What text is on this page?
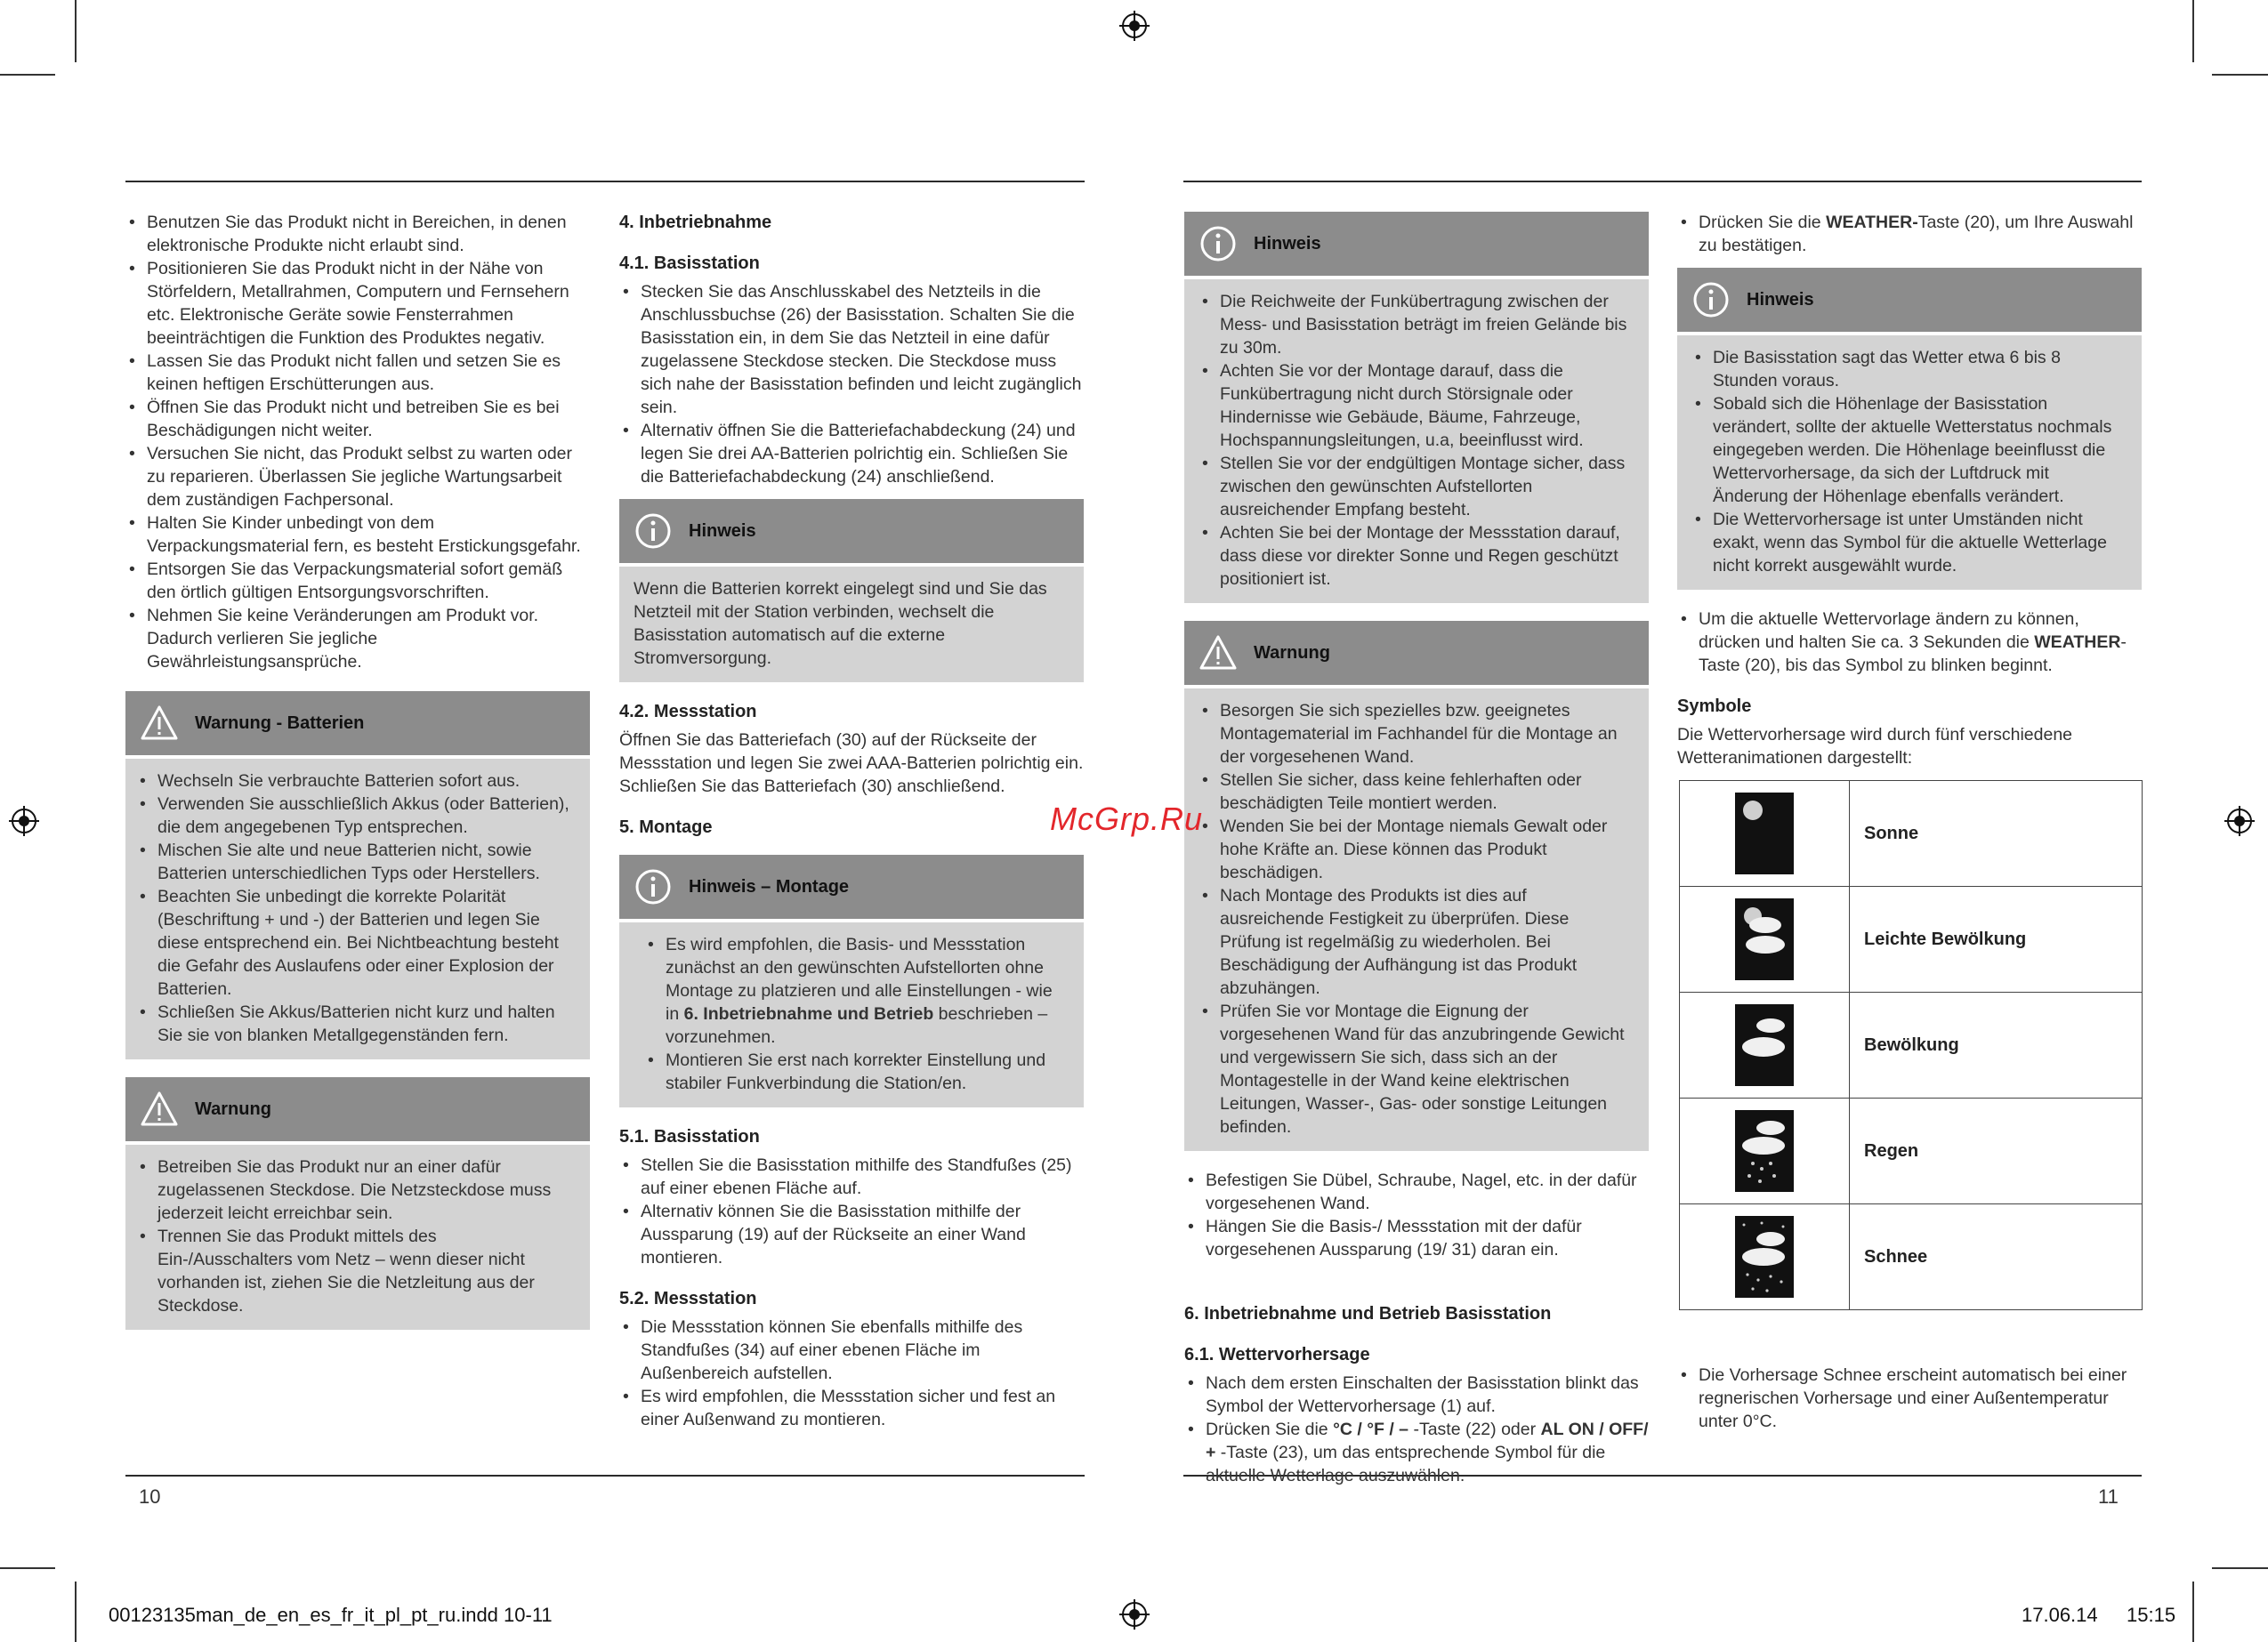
• Benutzen Sie das Produkt nicht in Bereichen, in denen elektronische Produkte nicht erlaubt sind.
• Positionieren Sie das Produkt nicht in der Nähe von Störfeldern, Metallrahmen, Computern und Fernsehern etc. Elektronische Geräte sowie Fensterrahmen beeinträchtigen die Funktion des Produktes negativ.
• Lassen Sie das Produkt nicht fallen und setzen Sie es keinen heftigen Erschütterungen aus.
• Öffnen Sie das Produkt nicht und betreiben Sie es bei Beschädigungen nicht weiter.
• Versuchen Sie nicht, das Produkt selbst zu warten oder zu reparieren. Überlassen Sie jegliche Wartungsarbeit dem zuständigen Fachpersonal.
• Halten Sie Kinder unbedingt von dem Verpackungsmaterial fern, es besteht Erstickungsgefahr.
• Entsorgen Sie das Verpackungsmaterial sofort gemäß den örtlich gültigen Entsorgungsvorschriften.
• Nehmen Sie keine Veränderungen am Produkt vor. Dadurch verlieren Sie jegliche Gewährleistungsansprüche.
Warnung - Batterien
• Wechseln Sie verbrauchte Batterien sofort aus.
• Verwenden Sie ausschließlich Akkus (oder Batterien), die dem angegebenen Typ entsprechen.
• Mischen Sie alte und neue Batterien nicht, sowie Batterien unterschiedlichen Typs oder Herstellers.
• Beachten Sie unbedingt die korrekte Polarität (Beschriftung + und -) der Batterien und legen Sie diese entsprechend ein. Bei Nichtbeachtung besteht die Gefahr des Auslaufens oder einer Explosion der Batterien.
• Schließen Sie Akkus/Batterien nicht kurz und halten Sie sie von blanken Metallgegenständen fern.
Warnung
• Betreiben Sie das Produkt nur an einer dafür zugelassenen Steckdose. Die Netzsteckdose muss jederzeit leicht erreichbar sein.
• Trennen Sie das Produkt mittels des Ein-/Ausschalters vom Netz – wenn dieser nicht vorhanden ist, ziehen Sie die Netzleitung aus der Steckdose.
4. Inbetriebnahme
4.1. Basisstation
• Stecken Sie das Anschlusskabel des Netzteils in die Anschlussbuchse (26) der Basisstation. Schalten Sie die Basisstation ein, in dem Sie das Netzteil in eine dafür zugelassene Steckdose stecken. Die Steckdose muss sich nahe der Basisstation befinden und leicht zugänglich sein.
• Alternativ öffnen Sie die Batteriefachabdeckung (24) und legen Sie drei AA-Batterien polrichtig ein. Schließen Sie die Batteriefachabdeckung (24) anschließend.
Hinweis

Wenn die Batterien korrekt eingelegt sind und Sie das Netzteil mit der Station verbinden, wechselt die Basisstation automatisch auf die externe Stromversorgung.

4.2. Messstation

Öffnen Sie das Batteriefach (30) auf der Rückseite der Messstation und legen Sie zwei AAA-Batterien polrichtig ein. Schließen Sie das Batteriefach (30) anschließend.

5. Montage
Hinweis – Montage
• Es wird empfohlen, die Basis- und Messstation zunächst an den gewünschten Aufstellorten ohne Montage zu platzieren und alle Einstellungen - wie in 6. Inbetriebnahme und Betrieb beschrieben – vorzunehmen.
• Montieren Sie erst nach korrekter Einstellung und stabiler Funkverbindung die Station/en.
5.1. Basisstation
• Stellen Sie die Basisstation mithilfe des Standfußes (25) auf einer ebenen Fläche auf.
• Alternativ können Sie die Basisstation mithilfe der Aussparung (19) auf der Rückseite an einer Wand montieren.
5.2. Messstation
• Die Messstation können Sie ebenfalls mithilfe des Standfußes (34) auf einer ebenen Fläche im Außenbereich aufstellen.
• Es wird empfohlen, die Messstation sicher und fest an einer Außenwand zu montieren.
Hinweis
• Die Reichweite der Funkübertragung zwischen der Mess- und Basisstation beträgt im freien Gelände bis zu 30m.
• Achten Sie vor der Montage darauf, dass die Funkübertragung nicht durch Störsignale oder Hindernisse wie Gebäude, Bäume, Fahrzeuge, Hochspannungsleitungen, u.a, beeinflusst wird.
• Stellen Sie vor der endgültigen Montage sicher, dass zwischen den gewünschten Aufstellorten ausreichender Empfang besteht.
• Achten Sie bei der Montage der Messstation darauf, dass diese vor direkter Sonne und Regen geschützt positioniert ist.
Warnung
• Besorgen Sie sich spezielles bzw. geeignetes Montagematerial im Fachhandel für die Montage an der vorgesehenen Wand.
• Stellen Sie sicher, dass keine fehlerhaften oder beschädigten Teile montiert werden.
• Wenden Sie bei der Montage niemals Gewalt oder hohe Kräfte an. Diese können das Produkt beschädigen.
• Nach Montage des Produkts ist dies auf ausreichende Festigkeit zu überprüfen. Diese Prüfung ist regelmäßig zu wiederholen. Bei Beschädigung der Aufhängung ist das Produkt abzuhängen.
• Prüfen Sie vor Montage die Eignung der vorgesehenen Wand für das anzubringende Gewicht und vergewissern Sie sich, dass sich an der Montagestelle in der Wand keine elektrischen Leitungen, Wasser-, Gas- oder sonstige Leitungen befinden.
• Befestigen Sie Dübel, Schraube, Nagel, etc. in der dafür vorgesehenen Wand.
• Hängen Sie die Basis-/ Messstation mit der dafür vorgesehenen Aussparung (19/ 31) daran ein.
6. Inbetriebnahme und Betrieb Basisstation
6.1. Wettervorhersage
• Nach dem ersten Einschalten der Basisstation blinkt das Symbol der Wettervorhersage (1) auf.
• Drücken Sie die °C / °F / – -Taste (22) oder AL ON / OFF/ + -Taste (23), um das entsprechende Symbol für die aktuelle Wetterlage auszuwählen.
• Drücken Sie die WEATHER-Taste (20), um Ihre Auswahl zu bestätigen.
Hinweis
• Die Basisstation sagt das Wetter etwa 6 bis 8 Stunden voraus.
• Sobald sich die Höhenlage der Basisstation verändert, sollte der aktuelle Wetterstatus nochmals eingegeben werden. Die Höhenlage beeinflusst die Wettervorhersage, da sich der Luftdruck mit Änderung der Höhenlage ebenfalls verändert.
• Die Wettervorhersage ist unter Umständen nicht exakt, wenn das Symbol für die aktuelle Wetterlage nicht korrekt ausgewählt wurde.
• Um die aktuelle Wettervorlage ändern zu können, drücken und halten Sie ca. 3 Sekunden die WEATHER-Taste (20), bis das Symbol zu blinken beginnt.
Symbole

Die Wettervorhersage wird durch fünf verschiedene Wetteranimationen dargestellt:

	Sonne
	Leichte Bewölkung
	Bewölkung
	Regen
	Schnee
• Die Vorhersage Schnee erscheint automatisch bei einer regnerischen Vorhersage und einer Außentemperatur unter 0°C.
McGrp.Ru
10	11
00123135man_de_en_es_fr_it_pl_pt_ru.indd 10-11	17.06.14 15:15
